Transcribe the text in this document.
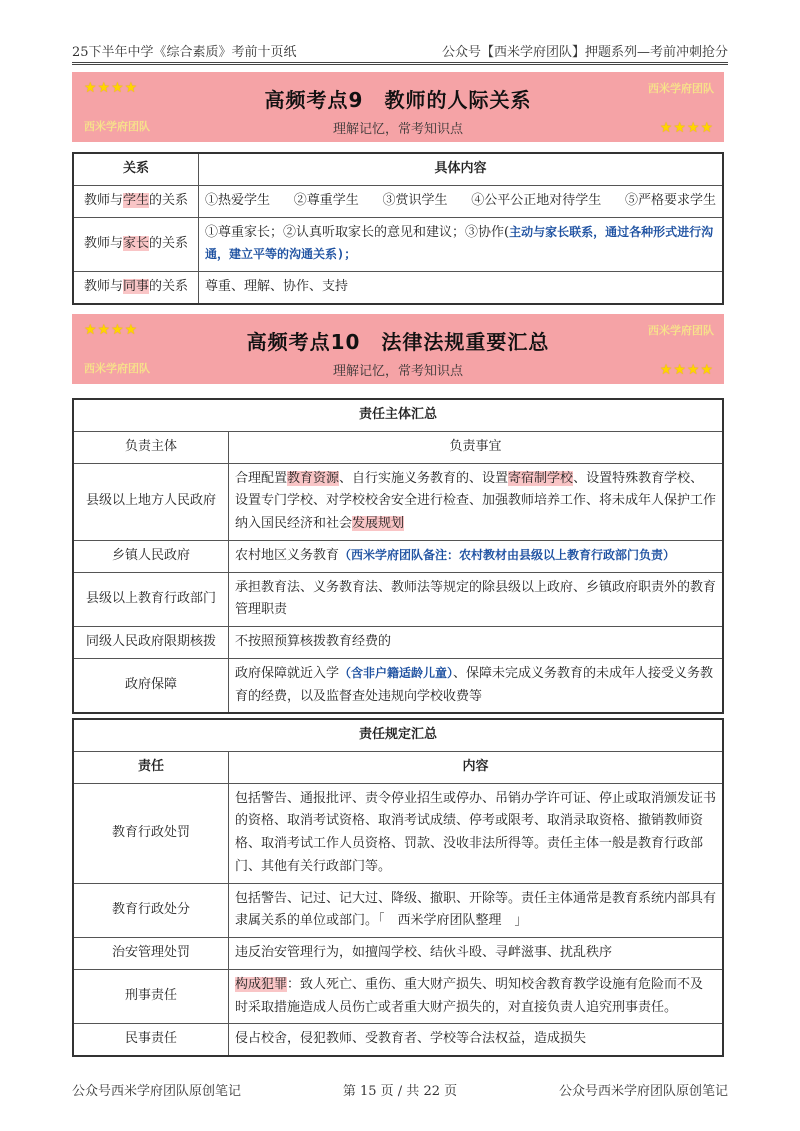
25下半年中学《综合素质》考前十页纸	公众号【西米学府团队】押题系列—考前冲刺抢分
★★★★	西米学府团队
高频考点9　教师的人际关系
理解记忆，常考知识点
西米学府团队	★★★★
关系	具体内容
教师与学生的关系	①热爱学生 ②尊重学生 ③赏识学生 ④公平公正地对待学生 ⑤严格要求学生

教师与家长的关系	①尊重家长；②认真听取家长的意见和建议；③协作(主动与家长联系，通过各种形式进行沟通，建立平等的沟通关系)；
教师与同事的关系	尊重、理解、协作、支持
★★★★	西米学府团队
高频考点10　法律法规重要汇总
理解记忆，常考知识点
西米学府团队	★★★★
责任主体汇总	
负责主体	负责事宜
县级以上地方人民政府	合理配置教育资源、自行实施义务教育的、设置寄宿制学校、设置特殊教育学校、设置专门学校、对学校校舍安全进行检查、加强教师培养工作、将未成年人保护工作纳入国民经济和社会发展规划
乡镇人民政府	农村地区义务教育（西米学府团队备注：农村教材由县级以上教育行政部门负责）
县级以上教育行政部门	承担教育法、义务教育法、教师法等规定的除县级以上政府、乡镇政府职责外的教育管理职责
同级人民政府限期核拨	不按照预算核拨教育经费的
政府保障	政府保障就近入学（含非户籍适龄儿童）、保障未完成义务教育的未成年人接受义务教育的经费，以及监督查处违规向学校收费等
责任规定汇总	
责任	内容
教育行政处罚	包括警告、通报批评、责令停业招生或停办、吊销办学许可证、停止或取消颁发证书的资格、取消考试资格、取消考试成绩、停考或限考、取消录取资格、撤销教师资格、取消考试工作人员资格、罚款、没收非法所得等。责任主体一般是教育行政部门、其他有关行政部门等。
教育行政处分	包括警告、记过、记大过、降级、撤职、开除等。责任主体通常是教育系统内部具有隶属关系的单位或部门。「　西米学府团队整理　」
治安管理处罚	违反治安管理行为，如擅闯学校、结伙斗殴、寻衅滋事、扰乱秩序
刑事责任	构成犯罪：致人死亡、重伤、重大财产损失、明知校舍教育教学设施有危险而不及时采取措施造成人员伤亡或者重大财产损失的，对直接负责人追究刑事责任。
民事责任	侵占校舍，侵犯教师、受教育者、学校等合法权益，造成损失
公众号西米学府团队原创笔记	第 15 页 / 共 22 页	公众号西米学府团队原创笔记
